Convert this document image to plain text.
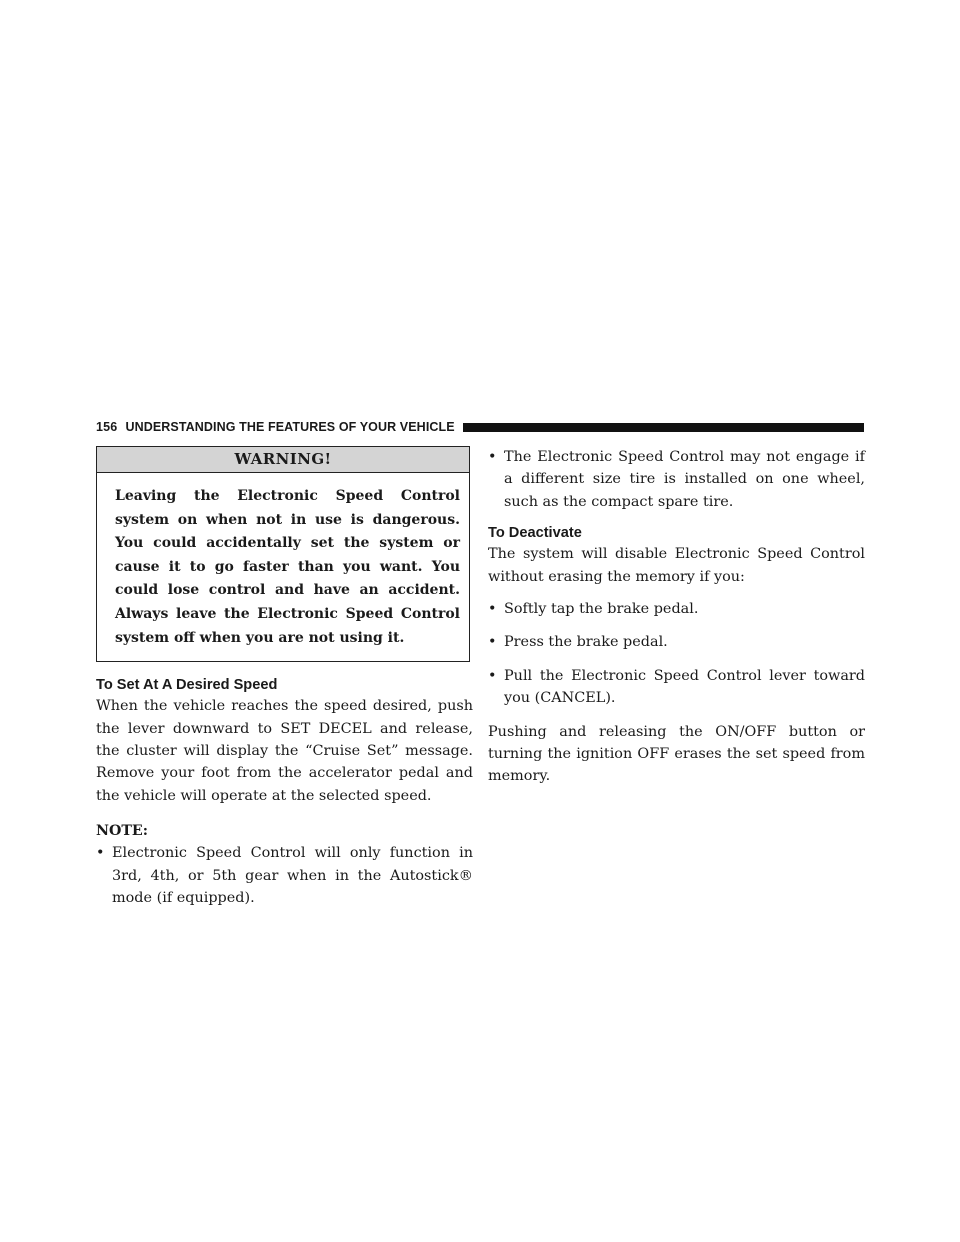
156 UNDERSTANDING THE FEATURES OF YOUR VEHICLE
WARNING!
Leaving the Electronic Speed Control system on when not in use is dangerous. You could accidentally set the system or cause it to go faster than you want. You could lose control and have an accident. Always leave the Electronic Speed Control system off when you are not using it.
To Set At A Desired Speed

When the vehicle reaches the speed desired, push the lever downward to SET DECEL and release, the cluster will display the “Cruise Set” message. Remove your foot from the accelerator pedal and the vehicle will operate at the selected speed.

NOTE:
• Electronic Speed Control will only function in 3rd, 4th, or 5th gear when in the Autostick® mode (if equipped).
• The Electronic Speed Control may not engage if a different size tire is installed on one wheel, such as the compact spare tire.
To Deactivate

The system will disable Electronic Speed Control without erasing the memory if you:

• Softly tap the brake pedal.
• Press the brake pedal.
• Pull the Electronic Speed Control lever toward you (CANCEL).

Pushing and releasing the ON/OFF button or turning the ignition OFF erases the set speed from memory.
